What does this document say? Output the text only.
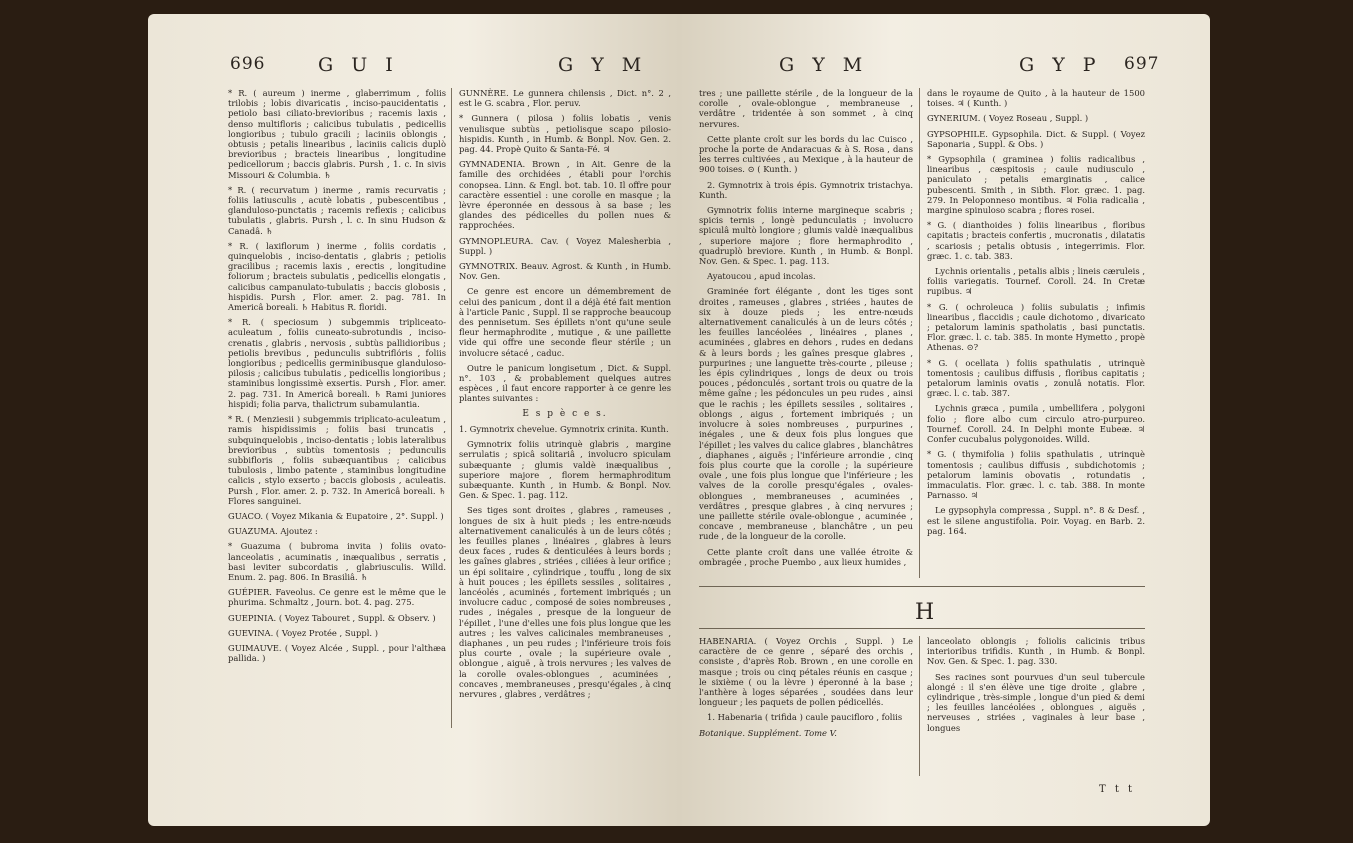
696	G U I	G Y M

* R. ( aureum ) inerme , glaberrimum , foliis trilobis ; lobis divaricatis , inciso-paucidentatis , petiolo basi ciliato-brevioribus ; racemis laxis , denso multifloris ; calicibus tubulatis , pedicellis longioribus ; tubulo gracili ; laciniis oblongis , obtusis ; petalis linearibus , laciniis calicis duplò brevioribus ; bracteis linearibus , longitudine pedicellorum ; baccis glabris. Pursh , 1. c. In sivis Missouri & Columbia. ♄

* R. ( recurvatum ) inerme , ramis recurvatis ; foliis latiusculis , acutè lobatis , pubescentibus , glanduloso-punctatis ; racemis reflexis ; calicibus tubulatis , glabris. Pursh , l. c. In sinu Hudson & Canadâ. ♄

* R. ( laxiflorum ) inerme , foliis cordatis , quinquelobis , inciso-dentatis , glabris ; petiolis gracilibus ; racemis laxis , erectis , longitudine foliorum ; bracteis subulatis , pedicellis elongatis , calicibus campanulato-tubulatis ; baccis globosis , hispidis. Pursh , Flor. amer. 2. pag. 781. In Americâ boreali. ♄ Habitus R. floridi.

* R. ( speciosum ) subgemmis tripliceato-aculeatum , foliis cuneato-subrotundis , inciso-crenatis , glabris , nervosis , subtùs pallidioribus ; petiolis brevibus , pedunculis subtriflóris , foliis longioribus ; pedicellis germinibusque glanduloso-pilosis ; calicibus tubulatis , pedicellis longioribus ; staminibus longissimè exsertis. Pursh , Flor. amer. 2. pag. 731. In Americâ boreali. ♄ Rami juniores hispidi; folia parva, thalictrum subamulantia.

* R. ( Menziesii ) subgemmis triplicato-aculeatum , ramis hispidissimis ; foliis basi truncatis , subquinquelobis , inciso-dentatis ; lobis lateralibus brevioribus , subtùs tomentosis ; pedunculis subbifloris , foliis subæquantibus ; calicibus tubulosis , limbo patente , staminibus longitudine calicis , stylo exserto ; baccis globosis , aculeatis. Pursh , Flor. amer. 2. p. 732. In Americâ boreali. ♄ Flores sanguinei.

GUACO. ( Voyez Mikania & Eupatoire , 2°. Suppl. )

GUAZUMA. Ajoutez :

* Guazuma ( bubroma invita ) foliis ovato-lanceolatis , acuminatis , inæqualibus , serratis , basi leviter subcordatis , glabriusculis. Willd. Enum. 2. pag. 806. In Brasiliâ. ♄

GUÉPIER. Faveolus. Ce genre est le même que le phurima. Schmaltz , Journ. bot. 4. pag. 275.

GUEPINIA. ( Voyez Tabouret , Suppl. & Observ. )

GUEVINA. ( Voyez Protée , Suppl. )

GUIMAUVE. ( Voyez Alcée , Suppl. , pour l'althæa pallida. )

GUNNÈRE. Le gunnera chilensis , Dict. n°. 2 , est le G. scabra , Flor. peruv.

* Gunnera ( pilosa ) foliis lobatis , venis venulisque subtùs , petiolisque scapo pilosio-hispidis. Kunth , in Humb. & Bonpl. Nov. Gen. 2. pag. 44. Propè Quito & Santa-Fé. ♃

GYMNADENIA. Brown , in Ait. Genre de la famille des orchidées , établi pour l'orchis conopsea. Linn. & Engl. bot. tab. 10. Il offre pour caractère essentiel : une corolle en masque ; la lèvre éperonnée en dessous à sa base ; les glandes des pédicelles du pollen nues & rapprochées.

GYMNOPLEURA. Cav. ( Voyez Malesherbia , Suppl. )

GYMNOTRIX. Beauv. Agrost. & Kunth , in Humb. Nov. Gen.

Ce genre est encore un démembrement de celui des panicum , dont il a déjà été fait mention à l'article Panic , Suppl. Il se rapproche beaucoup des pennisetum. Ses épillets n'ont qu'une seule fleur hermaphrodite , mutique , & une paillette vide qui offre une seconde fleur stérile ; un involucre sétacé , caduc.

Outre le panicum longisetum , Dict. & Suppl. n°. 103 , & probablement quelques autres espèces , il faut encore rapporter à ce genre les plantes suivantes :

E s p è c e s.

1. Gymnotrix chevelue. Gymnotrix crinita. Kunth.

Gymnotrix foliis utrinquè glabris , margine serrulatis ; spicâ solitariâ , involucro spiculam subæquante ; glumis valdè inæqualibus , superiore majore , florem hermaphroditum subæquante. Kunth , in Humb. & Bonpl. Nov. Gen. & Spec. 1. pag. 112.

Ses tiges sont droites , glabres , rameuses , longues de six à huit pieds ; les entre-nœuds alternativement canaliculés à un de leurs côtés ; les feuilles planes , linéaires , glabres à leurs deux faces , rudes & denticulées à leurs bords ; les gaînes glabres , striées , ciliées à leur orifice ; un épi solitaire , cylindrique , touffu , long de six à huit pouces ; les épillets sessiles , solitaires , lancéolés , acuminés , fortement imbriqués ; un involucre caduc , composé de soies nombreuses , rudes , inégales , presque de la longueur de l'épillet , l'une d'elles une fois plus longue que les autres ; les valves calicinales membraneuses , diaphanes , un peu rudes ; l'inférieure trois fois plus courte , ovale ; la supérieure ovale , oblongue , aiguë , à trois nervures ; les valves de la corolle ovales-oblongues , acuminées , concaves , membraneuses , presqu'égales , à cinq nervures , glabres , verdâtres ;

G Y M	G Y P 697

tres ; une paillette stérile , de la longueur de la corolle , ovale-oblongue , membraneuse , verdâtre , tridentée à son sommet , à cinq nervures.

Cette plante croît sur les bords du lac Cuisco , proche la porte de Andaracuas & à S. Rosa , dans les terres cultivées , au Mexique , à la hauteur de 900 toises. ⊙ ( Kunth. )

2. Gymnotrix à trois épis. Gymnotrix tristachya. Kunth.

Gymnotrix foliis interne margineque scabris ; spicis ternis , longè pedunculatis ; involucro spiculâ multò longiore ; glumis valdè inæqualibus , superiore majore ; flore hermaphrodito , quadruplò breviore. Kunth , in Humb. & Bonpl. Nov. Gen. & Spec. 1. pag. 113.

Ayatoucou , apud incolas.

Graminée fort élégante , dont les tiges sont droites , rameuses , glabres , striées , hautes de six à douze pieds ; les entre-nœuds alternativement canaliculés à un de leurs côtés ; les feuilles lancéolées , linéaires , planes , acuminées , glabres en dehors , rudes en dedans & à leurs bords ; les gaînes presque glabres , purpurines ; une languette très-courte , pileuse ; les épis cylindriques , longs de deux ou trois pouces , pédonculés , sortant trois ou quatre de la même gaîne ; les pédoncules un peu rudes , ainsi que le rachis ; les épillets sessiles , solitaires , oblongs , aigus , fortement imbriqués ; un involucre à soies nombreuses , purpurines , inégales , une & deux fois plus longues que l'épillet ; les valves du calice glabres , blanchâtres , diaphanes , aiguës ; l'inférieure arrondie , cinq fois plus courte que la corolle ; la supérieure ovale , une fois plus longue que l'inférieure ; les valves de la corolle presqu'égales , ovales-oblongues , membraneuses , acuminées , verdâtres , presque glabres , à cinq nervures ; une paillette stérile ovale-oblongue , acuminée , concave , membraneuse , blanchâtre , un peu rude , de la longueur de la corolle.

Cette plante croît dans une vallée étroite & ombragée , proche Puembo , aux lieux humides ,

dans le royaume de Quito , à la hauteur de 1500 toises. ♃ ( Kunth. )

GYNERIUM. ( Voyez Roseau , Suppl. )

GYPSOPHILE. Gypsophila. Dict. & Suppl. ( Voyez Saponaria , Suppl. & Obs. )

* Gypsophila ( graminea ) foliis radicalibus , linearibus , cæspitosis ; caule nudiusculo , paniculato ; petalis emarginatis , calice pubescenti. Smith , in Sibth. Flor. græc. 1. pag. 279. In Peloponneso montibus. ♃ Folia radicalia , margine spinuloso scabra ; flores rosei.

* G. ( dianthoides ) foliis linearibus , floribus capitatis ; bracteis confertis , mucronatis , dilatatis , scariosis ; petalis obtusis , integerrimis. Flor. græc. 1. c. tab. 383.

Lychnis orientalis , petalis albis ; lineis cæruleis , foliis variegatis. Tournef. Coroll. 24. In Cretæ rupibus. ♃

* G. ( ochroleuca ) foliis subulatis ; infimis linearibus , flaccidis ; caule dichotomo , divaricato ; petalorum laminis spatholatis , basi punctatis. Flor. græc. l. c. tab. 385. In monte Hymetto , propè Athenas. ⊙?

* G. ( ocellata ) foliis spathulatis , utrinquè tomentosis ; caulibus diffusis , floribus capitatis ; petalorum laminis ovatis , zonulâ notatis. Flor. græc. l. c. tab. 387.

Lychnis græca , pumila , umbellifera , polygoni folio ; flore albo cum circulo atro-purpureo. Tournef. Coroll. 24. In Delphi monte Eubeæ. ♃ Confer cucubalus polygonoides. Willd.

* G. ( thymifolia ) foliis spathulatis , utrinquè tomentosis ; caulibus diffusis , subdichotomis ; petalorum laminis obovatis , rotundatis , immaculatis. Flor. græc. l. c. tab. 388. In monte Parnasso. ♃

Le gypsophyla compressa , Suppl. n°. 8 & Desf. , est le silene angustifolia. Poir. Voyag. en Barb. 2. pag. 164.

H

HABENARIA. ( Voyez Orchis , Suppl. ) Le caractère de ce genre , séparé des orchis , consiste , d'après Rob. Brown , en une corolle en masque ; trois ou cinq pétales réunis en casque ; le sixième ( ou la lèvre ) éperonné à la base ; l'anthère à loges séparées , soudées dans leur longueur ; les paquets de pollen pédicellés.

1. Habenaria ( trifida ) caule paucifloro , foliis

Botanique. Supplément. Tome V.

lanceolato oblongis ; foliolis calicinis tribus interioribus trifidis. Kunth , in Humb. & Bonpl. Nov. Gen. & Spec. 1. pag. 330.

Ses racines sont pourvues d'un seul tubercule alongé : il s'en élève une tige droite , glabre , cylindrique , très-simple , longue d'un pied & demi ; les feuilles lancéolées , oblongues , aiguës , nerveuses , striées , vaginales à leur base , longues

T t t
